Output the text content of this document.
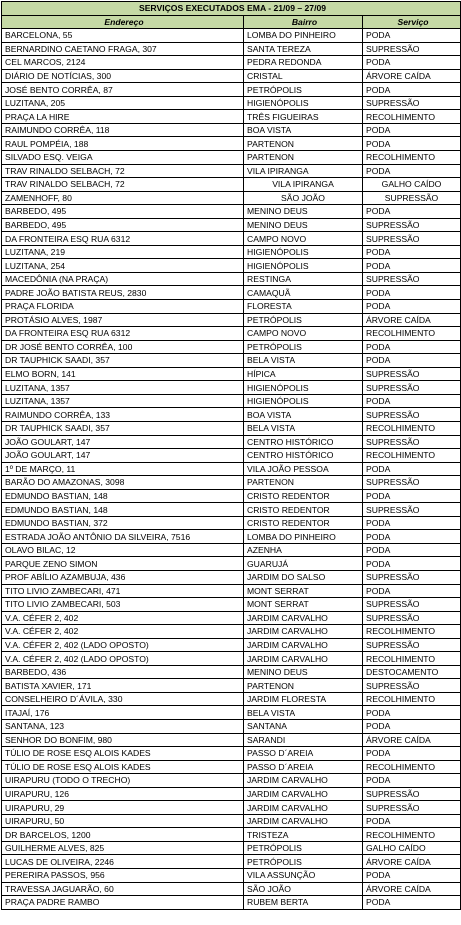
SERVIÇOS EXECUTADOS EMA - 21/09 – 27/09		
Endereço	Bairro	Serviço
BARCELONA, 55	LOMBA DO PINHEIRO	PODA
BERNARDINO CAETANO FRAGA, 307	SANTA TEREZA	SUPRESSÃO
CEL MARCOS, 2124	PEDRA REDONDA	PODA
DIÁRIO DE NOTÍCIAS, 300	CRISTAL	ÁRVORE CAÍDA
JOSÉ BENTO CORRÊA, 87	PETRÓPOLIS	PODA
LUZITANA, 205	HIGIENÓPOLIS	SUPRESSÃO
PRAÇA LA HIRE	TRÊS FIGUEIRAS	RECOLHIMENTO
RAIMUNDO CORRÊA, 118	BOA VISTA	PODA
RAUL POMPÉIA, 188	PARTENON	PODA
SILVADO ESQ. VEIGA	PARTENON	RECOLHIMENTO
TRAV RINALDO SELBACH, 72	VILA IPIRANGA	PODA
TRAV RINALDO SELBACH, 72	VILA IPIRANGA	GALHO CAÍDO
ZAMENHOFF, 80	SÃO JOÃO	SUPRESSÃO
BARBEDO, 495	MENINO DEUS	PODA
BARBEDO, 495	MENINO DEUS	SUPRESSÃO
DA FRONTEIRA ESQ RUA 6312	CAMPO NOVO	SUPRESSÃO
LUZITANA, 219	HIGIENÓPOLIS	PODA
LUZITANA, 254	HIGIENÓPOLIS	PODA
MACEDÔNIA (NA PRAÇA)	RESTINGA	SUPRESSÃO
PADRE JOÃO BATISTA REUS, 2830	CAMAQUÃ	PODA
PRAÇA FLORIDA	FLORESTA	PODA
PROTÁSIO ALVES, 1987	PETRÓPOLIS	ÁRVORE CAÍDA
DA FRONTEIRA ESQ RUA 6312	CAMPO NOVO	RECOLHIMENTO
DR JOSÉ BENTO CORRÊA, 100	PETRÓPOLIS	PODA
DR TAUPHICK SAADI, 357	BELA VISTA	PODA
ELMO BORN, 141	HÍPICA	SUPRESSÃO
LUZITANA, 1357	HIGIENÓPOLIS	SUPRESSÃO
LUZITANA, 1357	HIGIENÓPOLIS	PODA
RAIMUNDO CORRÊA, 133	BOA VISTA	SUPRESSÃO
DR TAUPHICK SAADI, 357	BELA VISTA	RECOLHIMENTO
JOÃO GOULART, 147	CENTRO HISTÓRICO	SUPRESSÃO
JOÃO GOULART, 147	CENTRO HISTÓRICO	RECOLHIMENTO
1º DE MARÇO, 11	VILA JOÃO PESSOA	PODA
BARÃO DO AMAZONAS, 3098	PARTENON	SUPRESSÃO
EDMUNDO BASTIAN, 148	CRISTO REDENTOR	PODA
EDMUNDO BASTIAN, 148	CRISTO REDENTOR	SUPRESSÃO
EDMUNDO BASTIAN, 372	CRISTO REDENTOR	PODA
ESTRADA JOÃO ANTÔNIO DA SILVEIRA, 7516	LOMBA DO PINHEIRO	PODA
OLAVO BILAC, 12	AZENHA	PODA
PARQUE ZENO SIMON	GUARUJÁ	PODA
PROF ABÍLIO AZAMBUJA, 436	JARDIM DO SALSO	SUPRESSÃO
TITO LIVIO ZAMBECARI, 471	MONT SERRAT	PODA
TITO LIVIO ZAMBECARI, 503	MONT SERRAT	SUPRESSÃO
V.A. CÉFER 2, 402	JARDIM CARVALHO	SUPRESSÃO
V.A. CÉFER 2, 402	JARDIM CARVALHO	RECOLHIMENTO
V.A. CÉFER 2, 402 (LADO OPOSTO)	JARDIM CARVALHO	SUPRESSÃO
V.A. CÉFER 2, 402 (LADO OPOSTO)	JARDIM CARVALHO	RECOLHIMENTO
BARBEDO, 436	MENINO DEUS	DESTOCAMENTO
BATISTA XAVIER, 171	PARTENON	SUPRESSÃO
CONSELHEIRO D´ÁVILA, 330	JARDIM FLORESTA	RECOLHIMENTO
ITAJAÍ, 176	BELA VISTA	PODA
SANTANA, 123	SANTANA	PODA
SENHOR DO BONFIM, 980	SARANDI	ÁRVORE CAÍDA
TÚLIO DE ROSE ESQ ALOIS KADES	PASSO D´AREIA	PODA
TÚLIO DE ROSE ESQ ALOIS KADES	PASSO D´AREIA	RECOLHIMENTO
UIRAPURU (TODO O TRECHO)	JARDIM CARVALHO	PODA
UIRAPURU, 126	JARDIM CARVALHO	SUPRESSÃO
UIRAPURU, 29	JARDIM CARVALHO	SUPRESSÃO
UIRAPURU, 50	JARDIM CARVALHO	PODA
DR BARCELOS, 1200	TRISTEZA	RECOLHIMENTO
GUILHERME ALVES, 825	PETRÓPOLIS	GALHO CAÍDO
LUCAS DE OLIVEIRA, 2246	PETRÓPOLIS	ÁRVORE CAÍDA
PERERIRA PASSOS, 956	VILA ASSUNÇÃO	PODA
TRAVESSA JAGUARÃO, 60	SÃO JOÃO	ÁRVORE CAÍDA
PRAÇA PADRE RAMBO	RUBEM BERTA	PODA
